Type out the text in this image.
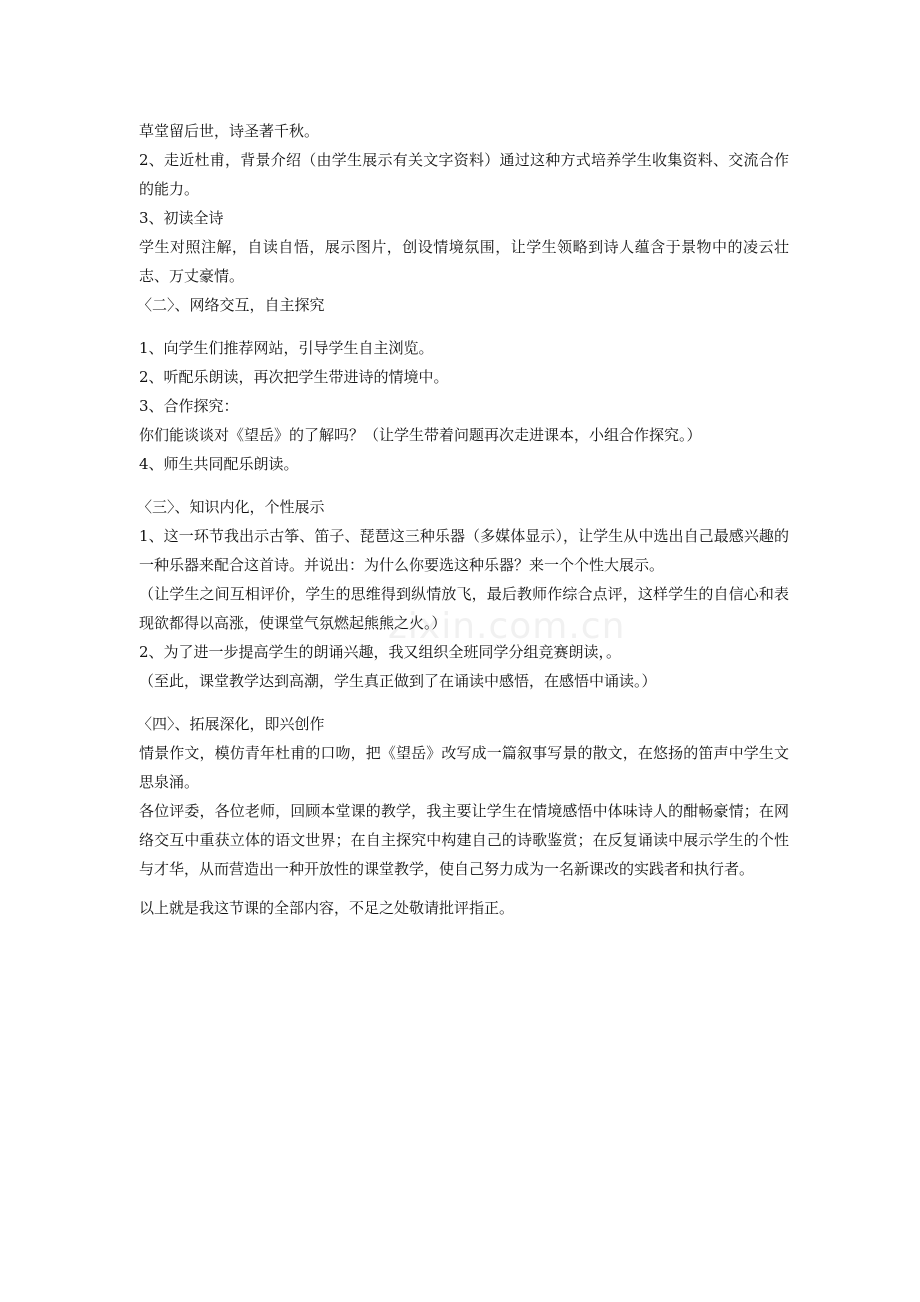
zixin.com.cn

草堂留后世，诗圣著千秋。

2、走近杜甫，背景介绍（由学生展示有关文字资料）通过这种方式培养学生收集资料、交流合作的能力。

3、初读全诗

学生对照注解，自读自悟，展示图片，创设情境氛围，让学生领略到诗人蕴含于景物中的凌云壮志、万丈豪情。

〈二〉、网络交互，自主探究

1、向学生们推荐网站，引导学生自主浏览。

2、听配乐朗读，再次把学生带进诗的情境中。

3、合作探究：

你们能谈谈对《望岳》的了解吗？（让学生带着问题再次走进课本，小组合作探究。）

4、师生共同配乐朗读。

〈三〉、知识内化，个性展示

1、这一环节我出示古筝、笛子、琵琶这三种乐器（多媒体显示），让学生从中选出自己最感兴趣的一种乐器来配合这首诗。并说出：为什么你要选这种乐器？来一个个性大展示。

（让学生之间互相评价，学生的思维得到纵情放飞，最后教师作综合点评，这样学生的自信心和表现欲都得以高涨，使课堂气氛燃起熊熊之火。）

2、为了进一步提高学生的朗诵兴趣，我又组织全班同学分组竞赛朗读，。

（至此，课堂教学达到高潮，学生真正做到了在诵读中感悟，在感悟中诵读。）

〈四〉、拓展深化，即兴创作

情景作文，模仿青年杜甫的口吻，把《望岳》改写成一篇叙事写景的散文，在悠扬的笛声中学生文思泉涌。

各位评委，各位老师，回顾本堂课的教学，我主要让学生在情境感悟中体味诗人的酣畅豪情；在网络交互中重获立体的语文世界；在自主探究中构建自己的诗歌鉴赏；在反复诵读中展示学生的个性与才华，从而营造出一种开放性的课堂教学，使自己努力成为一名新课改的实践者和执行者。

以上就是我这节课的全部内容，不足之处敬请批评指正。
